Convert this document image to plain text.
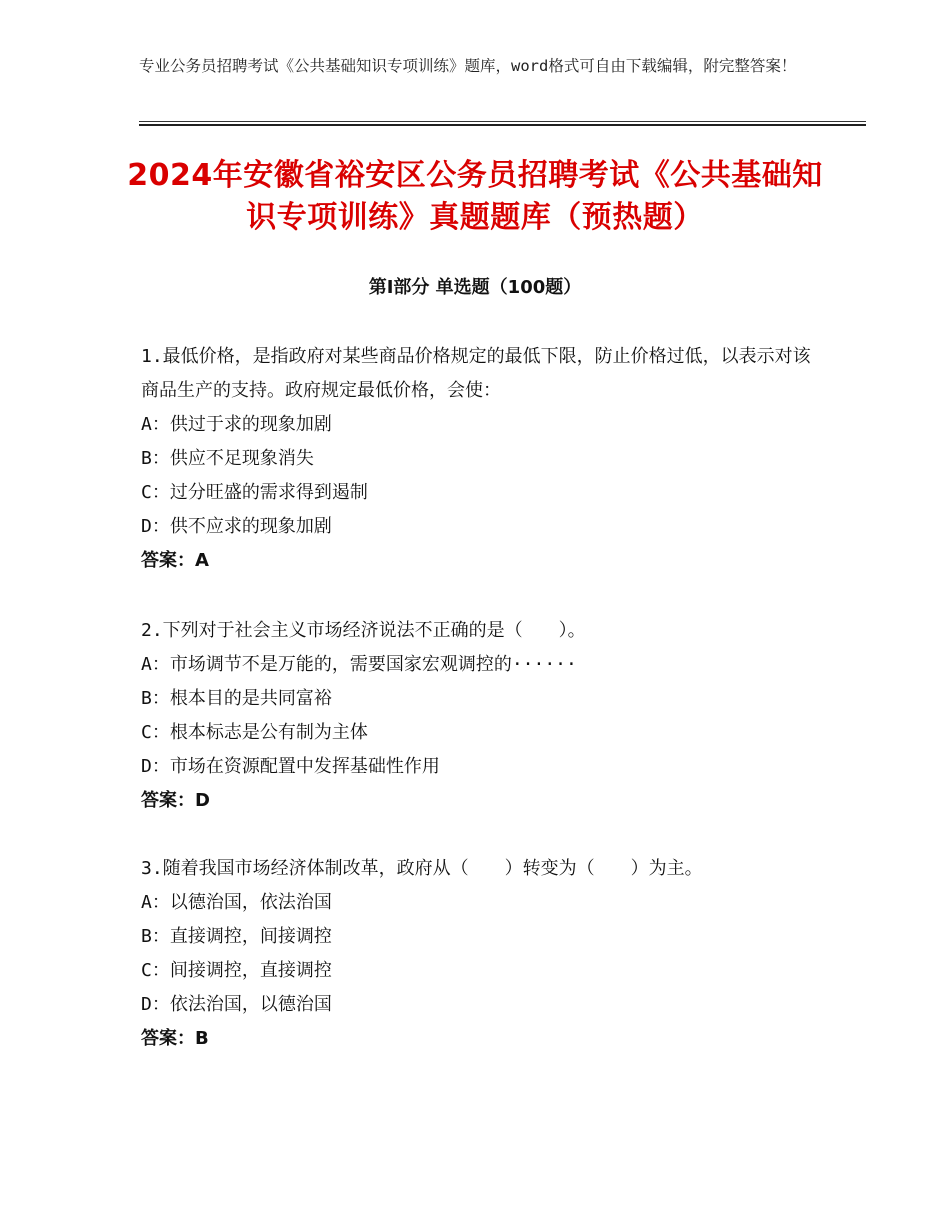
专业公务员招聘考试《公共基础知识专项训练》题库，word格式可自由下载编辑，附完整答案！
2024年安徽省裕安区公务员招聘考试《公共基础知识专项训练》真题题库（预热题）
第Ⅰ部分 单选题（100题）

1.最低价格，是指政府对某些商品价格规定的最低下限，防止价格过低，以表示对该商品生产的支持。政府规定最低价格，会使：

A：供过于求的现象加剧

B：供应不足现象消失

C：过分旺盛的需求得到遏制

D：供不应求的现象加剧

答案：A

2.下列对于社会主义市场经济说法不正确的是（　　）。

A：市场调节不是万能的，需要国家宏观调控的······

B：根本目的是共同富裕

C：根本标志是公有制为主体

D：市场在资源配置中发挥基础性作用

答案：D

3.随着我国市场经济体制改革，政府从（　　）转变为（　　）为主。

A：以德治国，依法治国

B：直接调控，间接调控

C：间接调控，直接调控

D：依法治国，以德治国

答案：B
